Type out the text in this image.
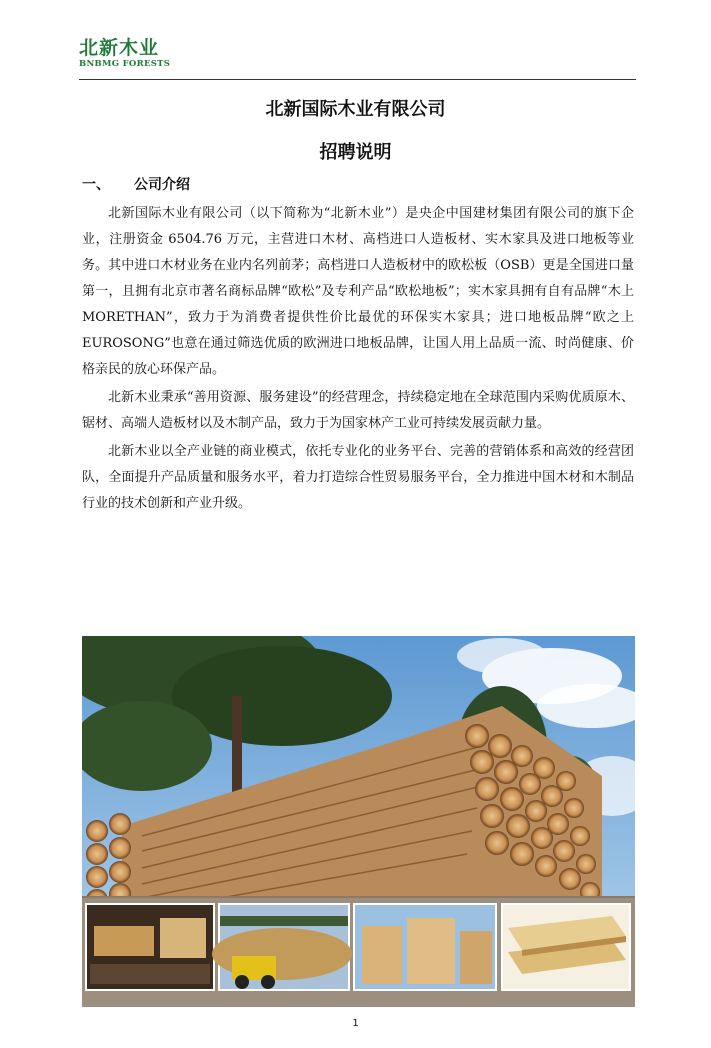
北新木业
BNBMG FORESTS
北新国际木业有限公司
招聘说明
一、 公司介绍

北新国际木业有限公司（以下简称为“北新木业”）是央企中国建材集团有限公司的旗下企业，注册资金 6504.76 万元，主营进口木材、高档进口人造板材、实木家具及进口地板等业务。其中进口木材业务在业内名列前茅；高档进口人造板材中的欧松板（OSB）更是全国进口量第一，且拥有北京市著名商标品牌“欧松”及专利产品“欧松地板”；实木家具拥有自有品牌“木上 MORETHAN”，致力于为消费者提供性价比最优的环保实木家具；进口地板品牌“欧之上 EUROSONG”也意在通过筛选优质的欧洲进口地板品牌，让国人用上品质一流、时尚健康、价格亲民的放心环保产品。

北新木业秉承“善用资源、服务建设”的经营理念，持续稳定地在全球范围内采购优质原木、锯材、高端人造板材以及木制产品，致力于为国家林产工业可持续发展贡献力量。

北新木业以全产业链的商业模式，依托专业化的业务平台、完善的营销体系和高效的经营团队，全面提升产品质量和服务水平，着力打造综合性贸易服务平台，全力推进中国木材和木制品行业的技术创新和产业升级。

1
